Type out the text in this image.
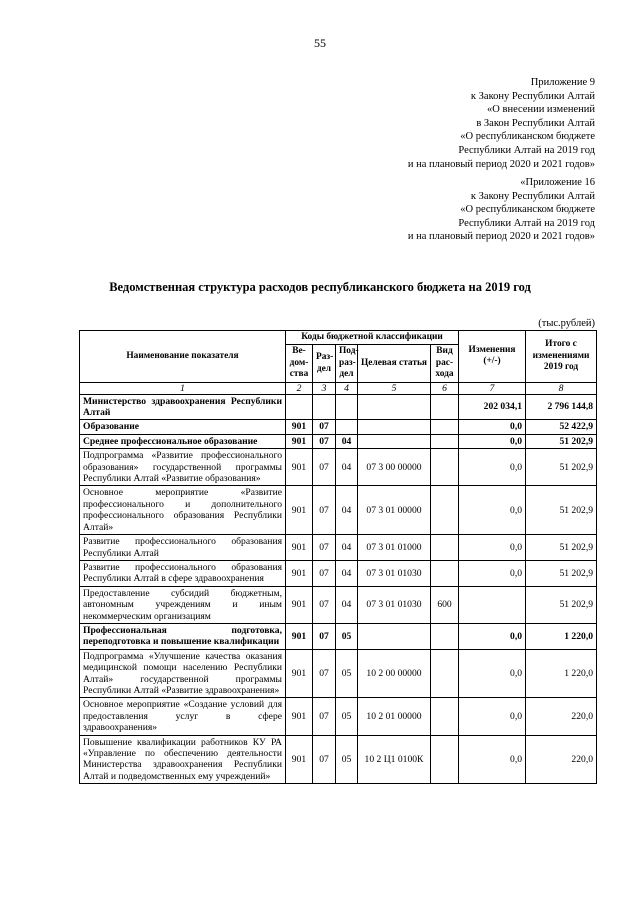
55
Приложение 9
к Закону Республики Алтай
«О внесении изменений
в Закон Республики Алтай
«О республиканском бюджете
Республики Алтай на 2019 год
и на плановый период 2020 и 2021 годов»
«Приложение 16
к Закону Республики Алтай
«О республиканском бюджете
Республики Алтай на 2019 год
и на плановый период 2020 и 2021 годов»
Ведомственная структура расходов республиканского бюджета на 2019 год
(тыс.рублей)
Наименование показателя	Коды бюджетной классификации					Изменения (+/-)	Итого с изменениями 2019 год
	Ве-дом-ства	Раз-дел	Под-раз-дел	Целевая статья	Вид рас-хода		
1	2	3	4	5	6	7	8
Министерство здравоохранения Республики Алтай						202 034,1	2 796 144,8
Образование	901	07				0,0	52 422,9
Среднее профессиональное образование	901	07	04			0,0	51 202,9
Подпрограмма «Развитие профессионального образования» государственной программы Республики Алтай «Развитие образования»	901	07	04	07 3 00 00000		0,0	51 202,9
Основное мероприятие «Развитие профессионального и дополнительного профессионального образования Республики Алтай»	901	07	04	07 3 01 00000		0,0	51 202,9
Развитие профессионального образования Республики Алтай	901	07	04	07 3 01 01000		0,0	51 202,9
Развитие профессионального образования Республики Алтай в сфере здравоохранения	901	07	04	07 3 01 01030		0,0	51 202,9
Предоставление субсидий бюджетным, автономным учреждениям и иным некоммерческим организациям	901	07	04	07 3 01 01030	600		51 202,9
Профессиональная подготовка, переподготовка и повышение квалификации	901	07	05			0,0	1 220,0
Подпрограмма «Улучшение качества оказания медицинской помощи населению Республики Алтай» государственной программы Республики Алтай «Развитие здравоохранения»	901	07	05	10 2 00 00000		0,0	1 220,0
Основное мероприятие «Создание условий для предоставления услуг в сфере здравоохранения»	901	07	05	10 2 01 00000		0,0	220,0
Повышение квалификации работников КУ РА «Управление по обеспечению деятельности Министерства здравоохранения Республики Алтай и подведомственных ему учреждений»	901	07	05	10 2 Ц1 0100К		0,0	220,0
